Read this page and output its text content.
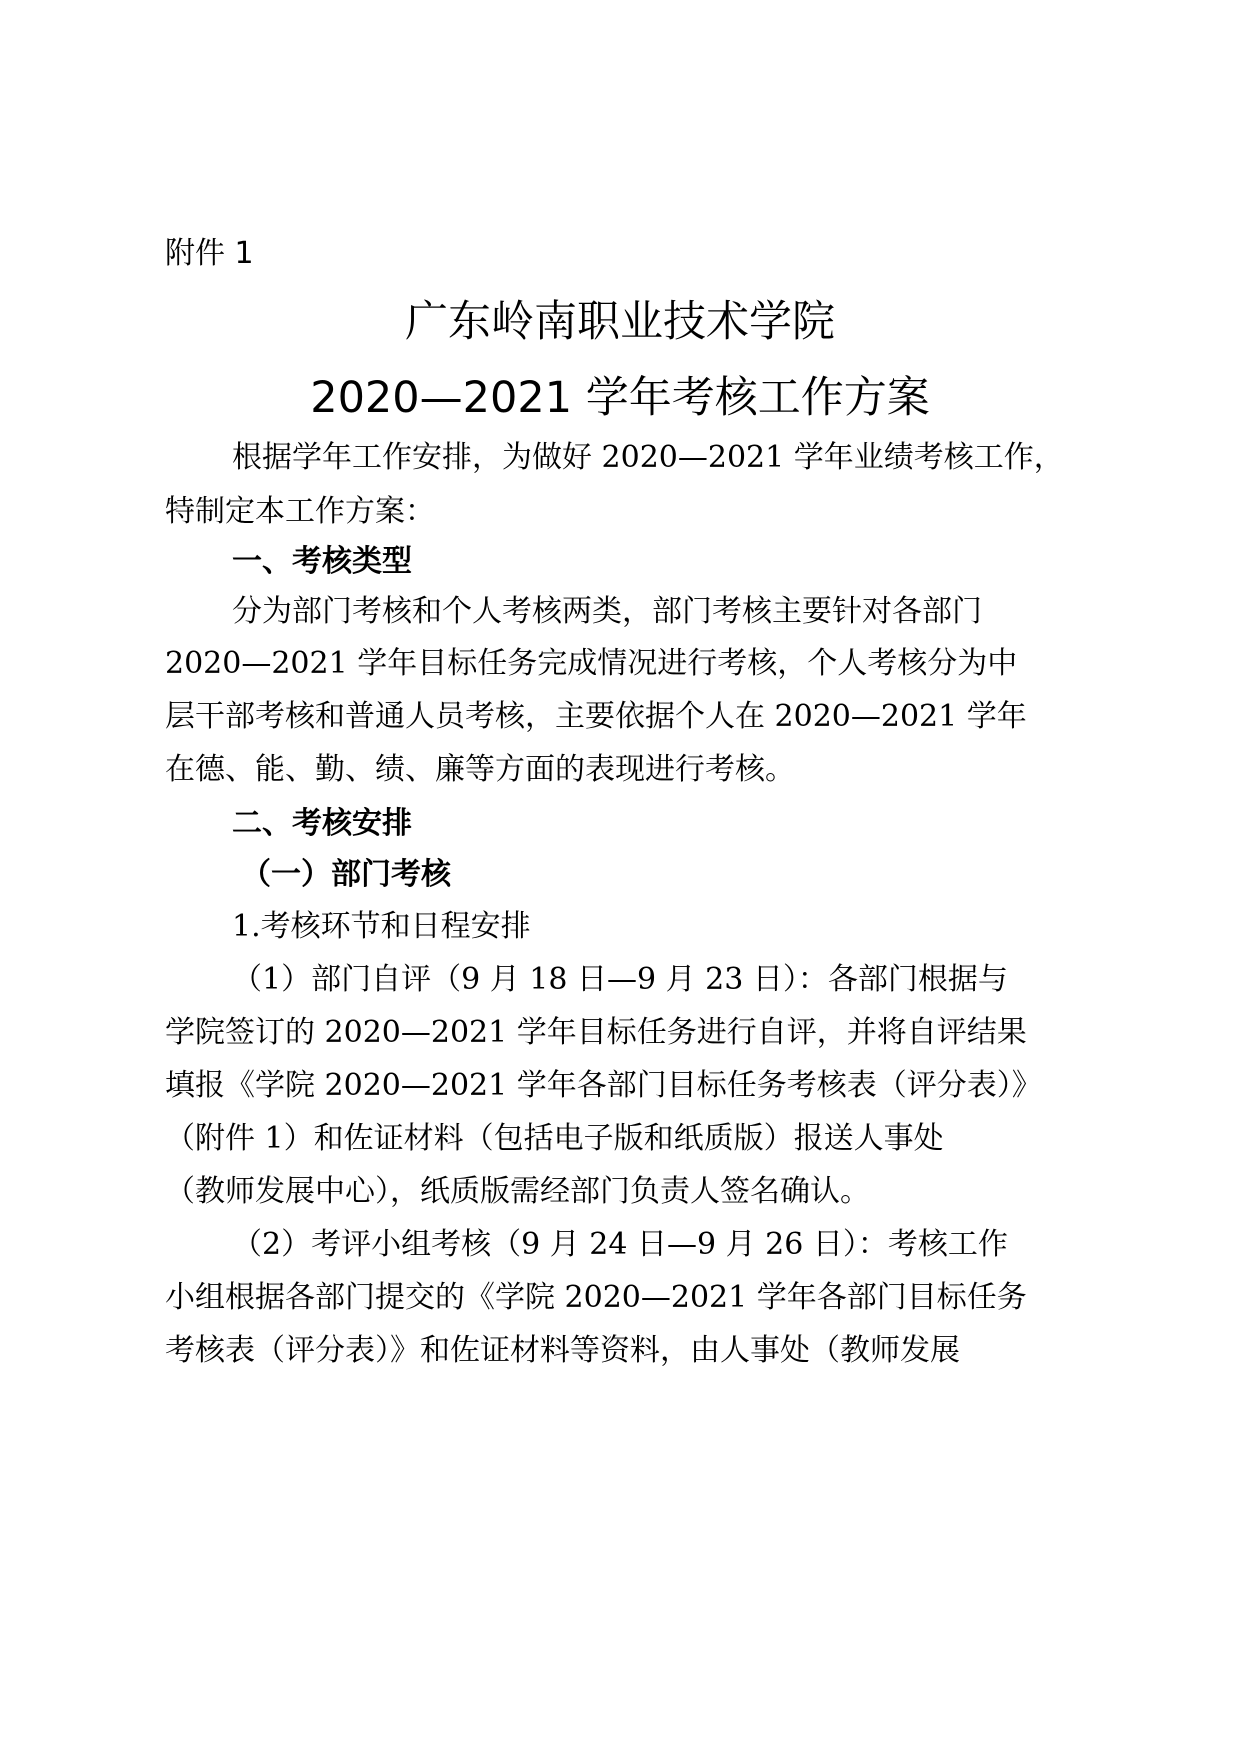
附件 1
广东岭南职业技术学院
2020—2021 学年考核工作方案
根据学年工作安排，为做好 2020—2021 学年业绩考核工作，
特制定本工作方案：
一、考核类型
分为部门考核和个人考核两类，部门考核主要针对各部门
2020—2021 学年目标任务完成情况进行考核，个人考核分为中
层干部考核和普通人员考核，主要依据个人在 2020—2021 学年
在德、能、勤、绩、廉等方面的表现进行考核。
二、考核安排
（一）部门考核
1.考核环节和日程安排
（1）部门自评（9 月 18 日—9 月 23 日）：各部门根据与
学院签订的 2020—2021 学年目标任务进行自评，并将自评结果
填报《学院 2020—2021 学年各部门目标任务考核表（评分表）》
（附件 1）和佐证材料（包括电子版和纸质版）报送人事处
（教师发展中心），纸质版需经部门负责人签名确认。
（2）考评小组考核（9 月 24 日—9 月 26 日）：考核工作
小组根据各部门提交的《学院 2020—2021 学年各部门目标任务
考核表（评分表）》和佐证材料等资料，由人事处（教师发展
